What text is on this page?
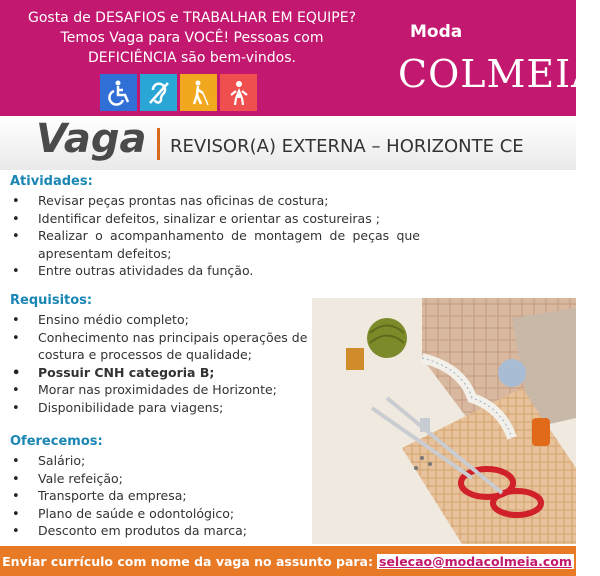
Gosta de DESAFIOS e TRABALHAR EM EQUIPE?
Temos Vaga para VOCÊ! Pessoas com
DEFICIÊNCIA são bem-vindos.
Moda
COLMEIA
Vaga REVISOR(A) EXTERNA – HORIZONTE CE
Atividades:
• Revisar peças prontas nas oficinas de costura;
• Identificar defeitos, sinalizar e orientar as costureiras ;
• Realizar o acompanhamento de montagem de peças que apresentam defeitos;
• Entre outras atividades da função.
Requisitos:
• Ensino médio completo;
• Conhecimento nas principais operações de costura e processos de qualidade;
• Possuir CNH categoria B;
• Morar nas proximidades de Horizonte;
• Disponibilidade para viagens;
Oferecemos:
• Salário;
• Vale refeição;
• Transporte da empresa;
• Plano de saúde e odontológico;
• Desconto em produtos da marca;
Enviar currículo com nome da vaga no assunto para: selecao@modacolmeia.com
